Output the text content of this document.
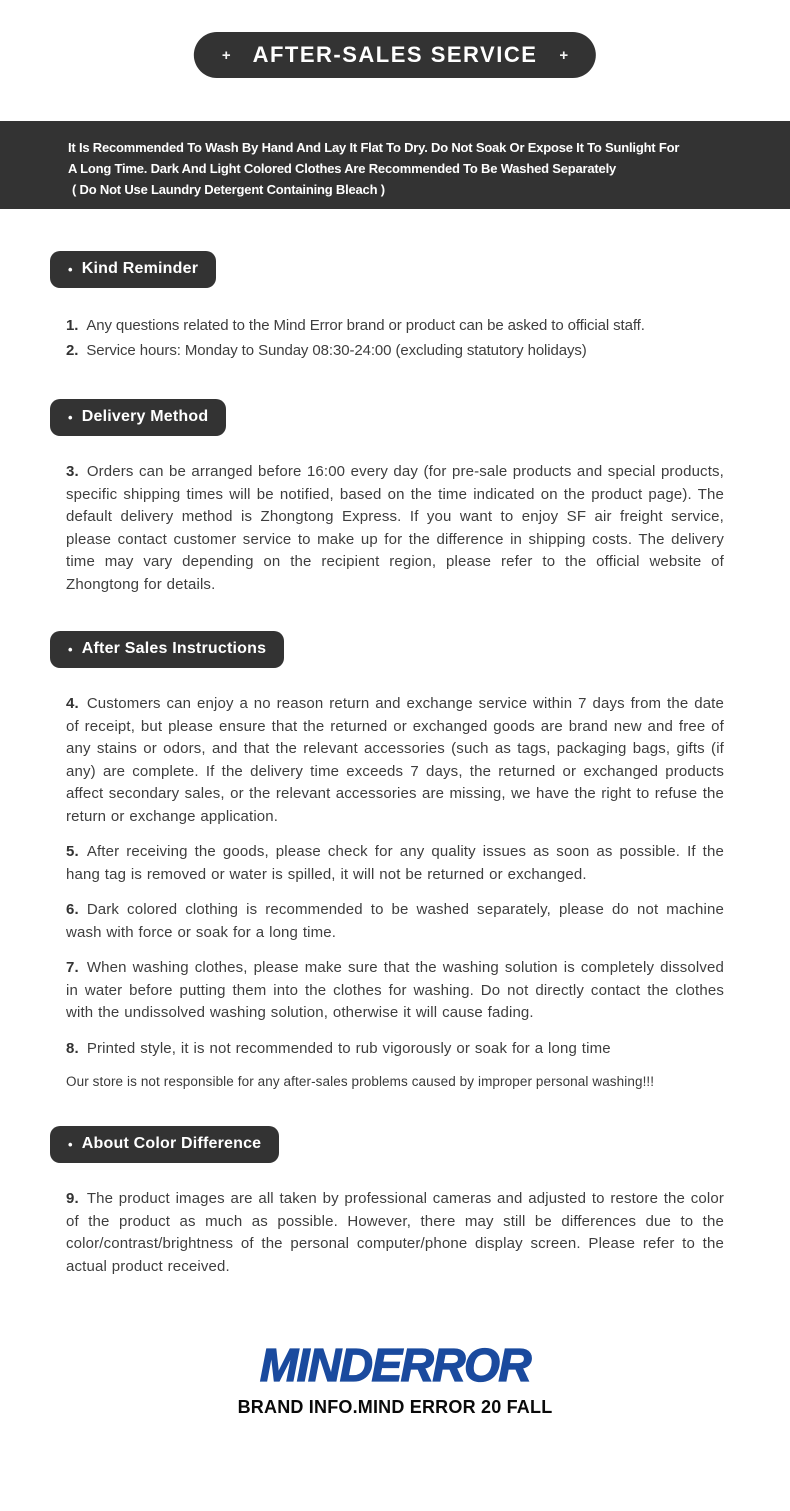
+ AFTER-SALES SERVICE +
It Is Recommended To Wash By Hand And Lay It Flat To Dry. Do Not Soak Or Expose It To Sunlight For
A Long Time. Dark And Light Colored Clothes Are Recommended To Be Washed Separately
( Do Not Use Laundry Detergent Containing Bleach )
• Kind Reminder

1. Any questions related to the Mind Error brand or product can be asked to official staff.

2. Service hours: Monday to Sunday 08:30-24:00 (excluding statutory holidays)

• Delivery Method

3. Orders can be arranged before 16:00 every day (for pre-sale products and special products, specific shipping times will be notified, based on the time indicated on the product page). The default delivery method is Zhongtong Express. If you want to enjoy SF air freight service, please contact customer service to make up for the difference in shipping costs. The delivery time may vary depending on the recipient region, please refer to the official website of Zhongtong for details.

• After Sales Instructions

4. Customers can enjoy a no reason return and exchange service within 7 days from the date of receipt, but please ensure that the returned or exchanged goods are brand new and free of any stains or odors, and that the relevant accessories (such as tags, packaging bags, gifts (if any) are complete. If the delivery time exceeds 7 days, the returned or exchanged products affect secondary sales, or the relevant accessories are missing, we have the right to refuse the return or exchange application.

5. After receiving the goods, please check for any quality issues as soon as possible. If the hang tag is removed or water is spilled, it will not be returned or exchanged.

6. Dark colored clothing is recommended to be washed separately, please do not machine wash with force or soak for a long time.

7. When washing clothes, please make sure that the washing solution is completely dissolved in water before putting them into the clothes for washing. Do not directly contact the clothes with the undissolved washing solution, otherwise it will cause fading.

8. Printed style, it is not recommended to rub vigorously or soak for a long time

Our store is not responsible for any after-sales problems caused by improper personal washing!!!

• About Color Difference

9. The product images are all taken by professional cameras and adjusted to restore the color of the product as much as possible. However, there may still be differences due to the color/contrast/brightness of the personal computer/phone display screen. Please refer to the actual product received.

MINDERROR
BRAND INFO.MIND ERROR 20 FALL
